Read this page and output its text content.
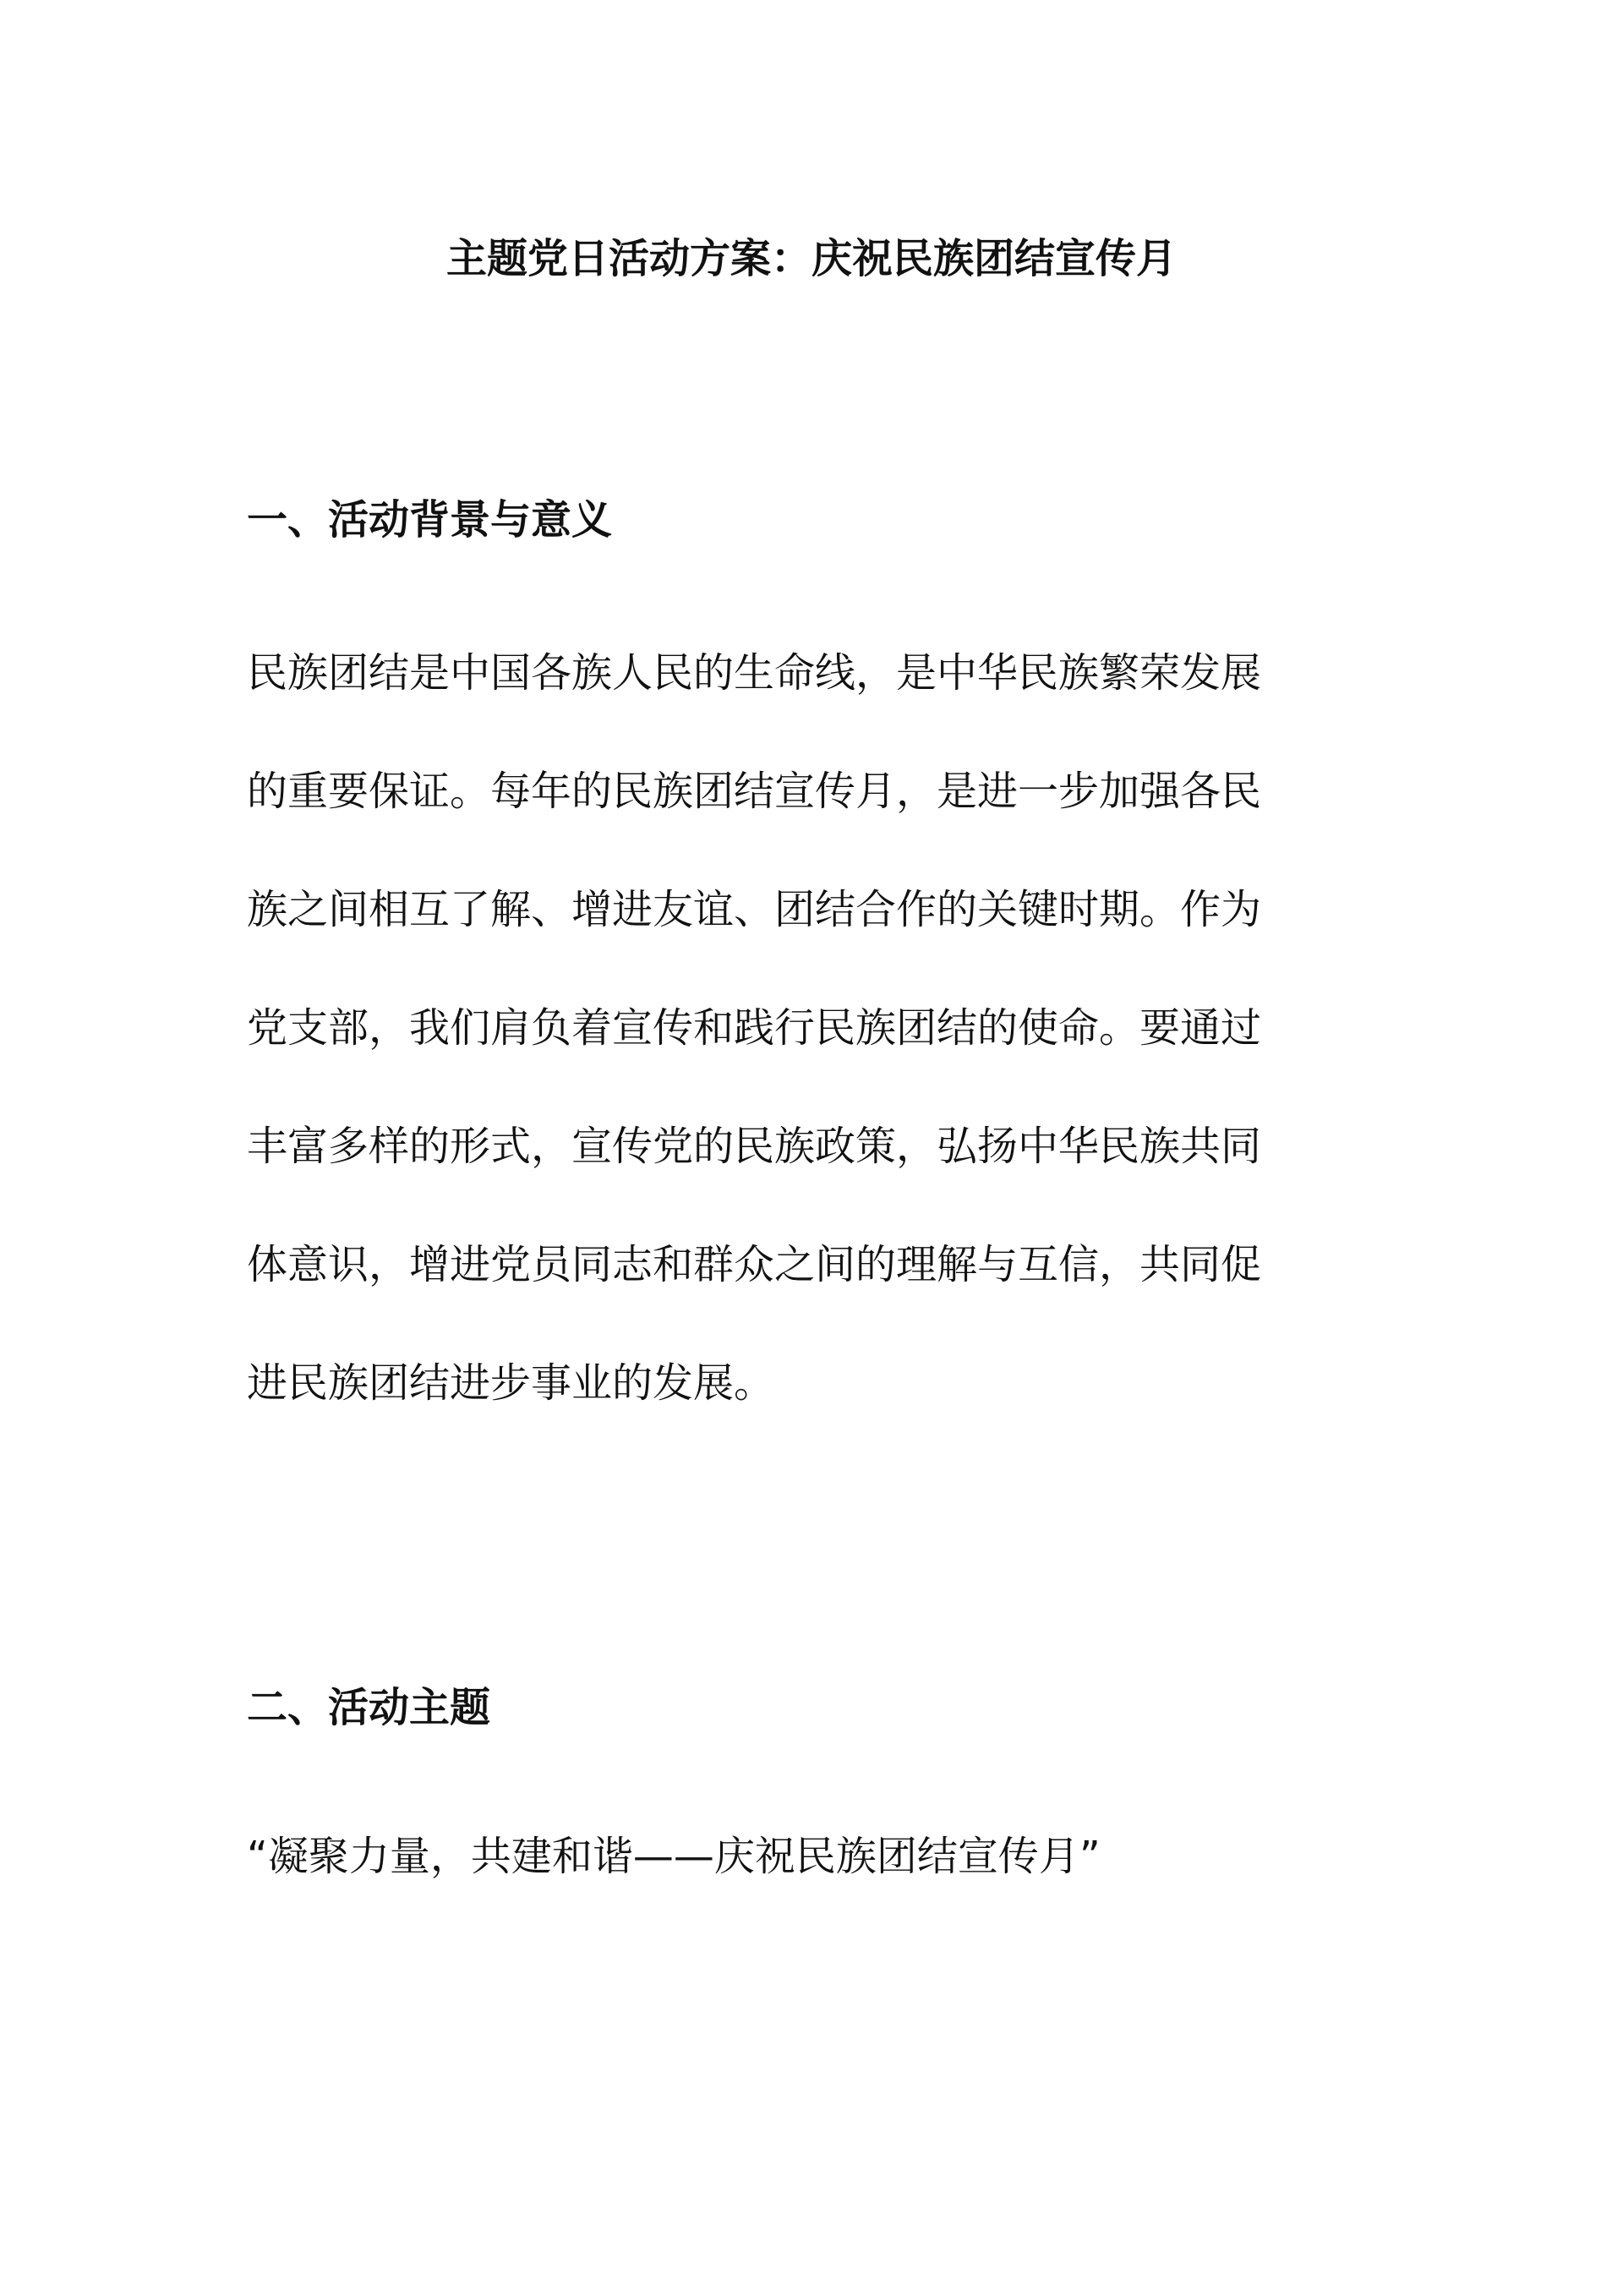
主题党日活动方案：庆祝民族团结宣传月
一、活动背景与意义
民族团结是中国各族人民的生命线，是中华民族繁荣发展
的重要保证。每年的民族团结宣传月，是进一步加强各民
族之间相互了解、增进友谊、团结合作的关键时期。作为
党支部，我们肩负着宣传和践行民族团结的使命。要通过
丰富多样的形式，宣传党的民族政策，弘扬中华民族共同
体意识，增进党员同志和群众之间的理解与互信，共同促
进民族团结进步事业的发展。
二、活动主题
“凝聚力量，共建和谐——庆祝民族团结宣传月”
